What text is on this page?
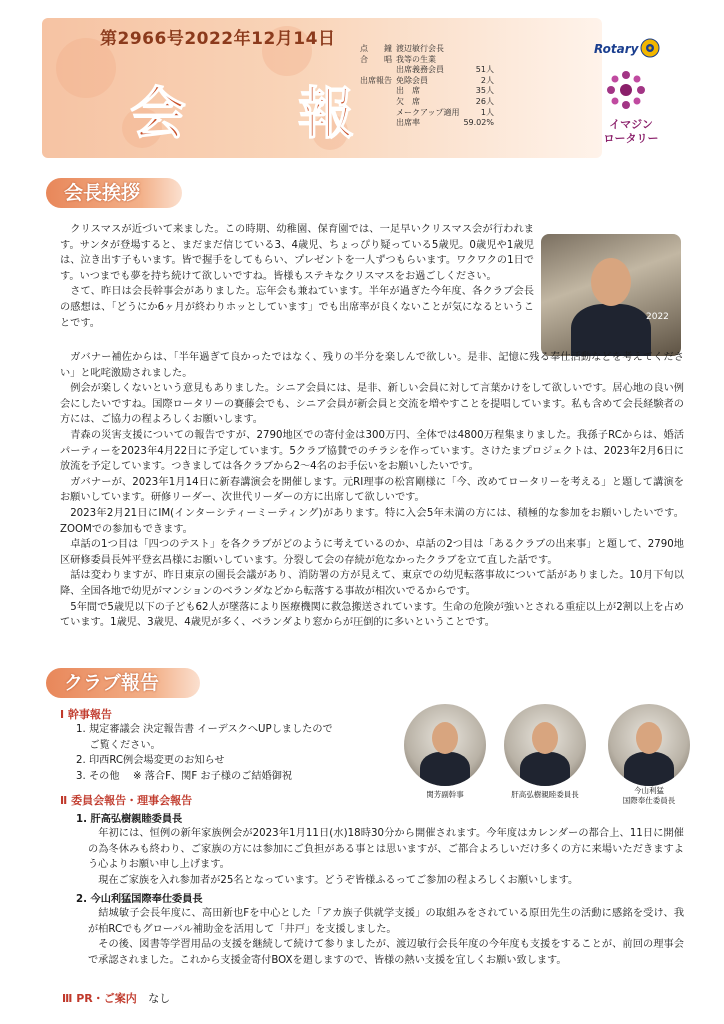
第2966号2022年12月14日
会　報
点　　鐘	渡辺敏行会長	
合　　唱	我等の生業	
	出席義務会員	51人
出席報告	免除会員	2人
	出　席	35人
	欠　席	26人
	メークアップ適用	1人
	出席率	59.02%
Rotary
イマジン
ロータリー
会長挨拶
2022

クリスマスが近づいて来ました。この時期、幼稚園、保育園では、一足早いクリスマス会が行われます。サンタが登場すると、まだまだ信じている3、4歳児、ちょっぴり疑っている5歳児。0歳児や1歳児は、泣き出す子もいます。皆で握手をしてもらい、プレゼントを一人ずつもらいます。ワクワクの1日です。いつまでも夢を持ち続けて欲しいですね。皆様もステキなクリスマスをお過ごしください。

さて、昨日は会長幹事会がありました。忘年会も兼ねています。半年が過ぎた今年度、各クラブ会長の感想は、「どうにか6ヶ月が終わりホッとしています」でも出席率が良くないことが気になるということです。

ガバナー補佐からは、「半年過ぎて良かったではなく、残りの半分を楽しんで欲しい。是非、記憶に残る奉仕活動などを考えてください」と叱咤激励されました。

例会が楽しくないという意見もありました。シニア会員には、是非、新しい会員に対して言葉かけをして欲しいです。居心地の良い例会にしたいですね。国際ロータリーの賽藤会でも、シニア会員が新会員と交流を増やすことを提唱しています。私も含めて会長経験者の方には、ご協力の程よろしくお願いします。

青森の災害支援についての報告ですが、2790地区での寄付金は300万円、全体では4800万程集まりました。我孫子RCからは、婚活パーティーを2023年4月22日に予定しています。5クラブ協賛でのチラシを作っています。さけたまプロジェクトは、2023年2月6日に放流を予定しています。つきましては各クラブから2〜4名のお手伝いをお願いしたいです。

ガバナーが、2023年1月14日に新春講演会を開催します。元RI理事の松宮剛様に「今、改めてロータリーを考える」と題して講演をお願いしています。研修リーダー、次世代リーダーの方に出席して欲しいです。

2023年2月21日にIM(インターシティーミーティング)があります。特に入会5年未満の方には、積極的な参加をお願いしたいです。ZOOMでの参加もできます。

卓話の1つ目は「四つのテスト」を各クラブがどのように考えているのか、卓話の2つ目は「あるクラブの出来事」と題して、2790地区研修委員長舛平登玄昌様にお願いしています。分裂して会の存続が危なかったクラブを立て直した話です。

話は変わりますが、昨日東京の園長会議があり、消防署の方が見えて、東京での幼児転落事故について話がありました。10月下旬以降、全国各地で幼児がマンションのベランダなどから転落する事故が相次いでるからです。

5年間で5歳児以下の子ども62人が墜落により医療機関に救急搬送されています。生命の危険が強いとされる重症以上が2割以上を占めています。1歳児、3歳児、4歳児が多く、ベランダより窓からが圧倒的に多いということです。

クラブ報告
Ⅰ 幹事報告
1. 規定審議会 決定報告書 イーデスクへUPしましたので
　 ご覧ください。
2. 印西RC例会場変更のお知らせ
3. その他　 ※ 落合F、関F お子様のご結婚御祝
関芳副幹事	肝高弘樹親睦委員長	今山利猛
国際奉仕委員長
Ⅱ 委員会報告・理事会報告
1. 肝高弘樹親睦委員長

年初には、恒例の新年家族例会が2023年1月11日(水)18時30分から開催されます。今年度はカレンダーの都合上、11日に開催の為冬休みも終わり、ご家族の方には参加にご負担がある事とは思いますが、ご都合よろしいだけ多くの方に来場いただきますよう心よりお願い申し上げます。

現在ご家族を入れ参加者が25名となっています。どうぞ皆様ふるってご参加の程よろしくお願いします。

2. 今山利猛国際奉仕委員長

結城敏子会長年度に、高田新也Fを中心とした「アカ族子供就学支援」の取組みをされている原田先生の活動に感銘を受け、我が柏RCでもグローバル補助金を活用して「井戸」を支援しました。

その後、図書等学習用品の支援を継続して続けて参りましたが、渡辺敏行会長年度の今年度も支援をすることが、前回の理事会で承認されました。これから支援金寄付BOXを廻しますので、皆様の熱い支援を宜しくお願い致します。

Ⅲ PR・ご案内 なし
